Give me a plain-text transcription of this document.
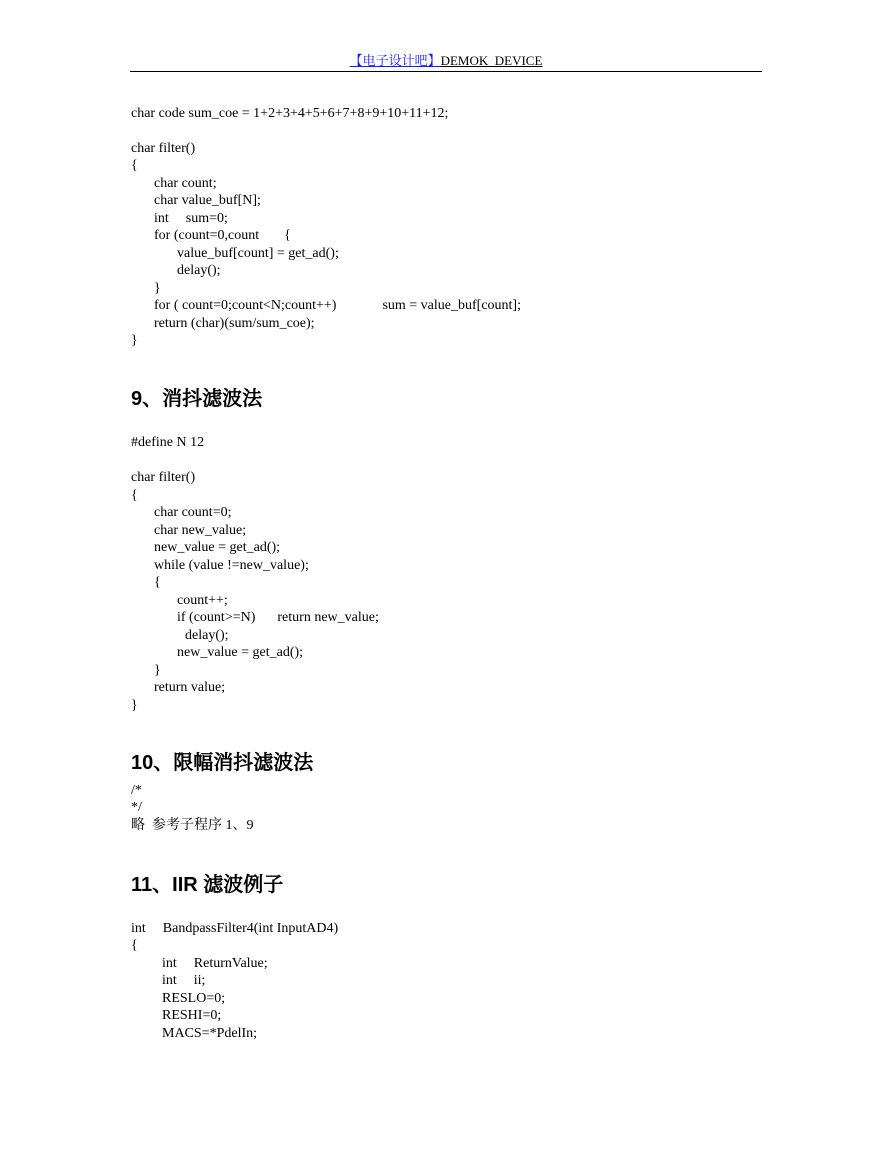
【电子设计吧】DEMOK_DEVICE
char code sum_coe = 1+2+3+4+5+6+7+8+9+10+11+12;
char filter()
{
char count;
char value_buf[N];
int sum=0;
for (count=0,count {
value_buf[count] = get_ad();
delay();
}
for ( count=0;count<N;count++)	sum = value_buf[count];
return (char)(sum/sum_coe);
}
9、消抖滤波法
#define N 12
char filter()
{
char count=0;
char new_value;
new_value = get_ad();
while (value !=new_value);
{
count++;
if (count>=N) return new_value;
delay();
new_value = get_ad();
}
return value;
}
10、限幅消抖滤波法
/*
*/
略  参考子程序 1、9
11、IIR 滤波例子
int BandpassFilter4(int InputAD4)
{
int ReturnValue;
int ii;
RESLO=0;
RESHI=0;
MACS=*PdelIn;
